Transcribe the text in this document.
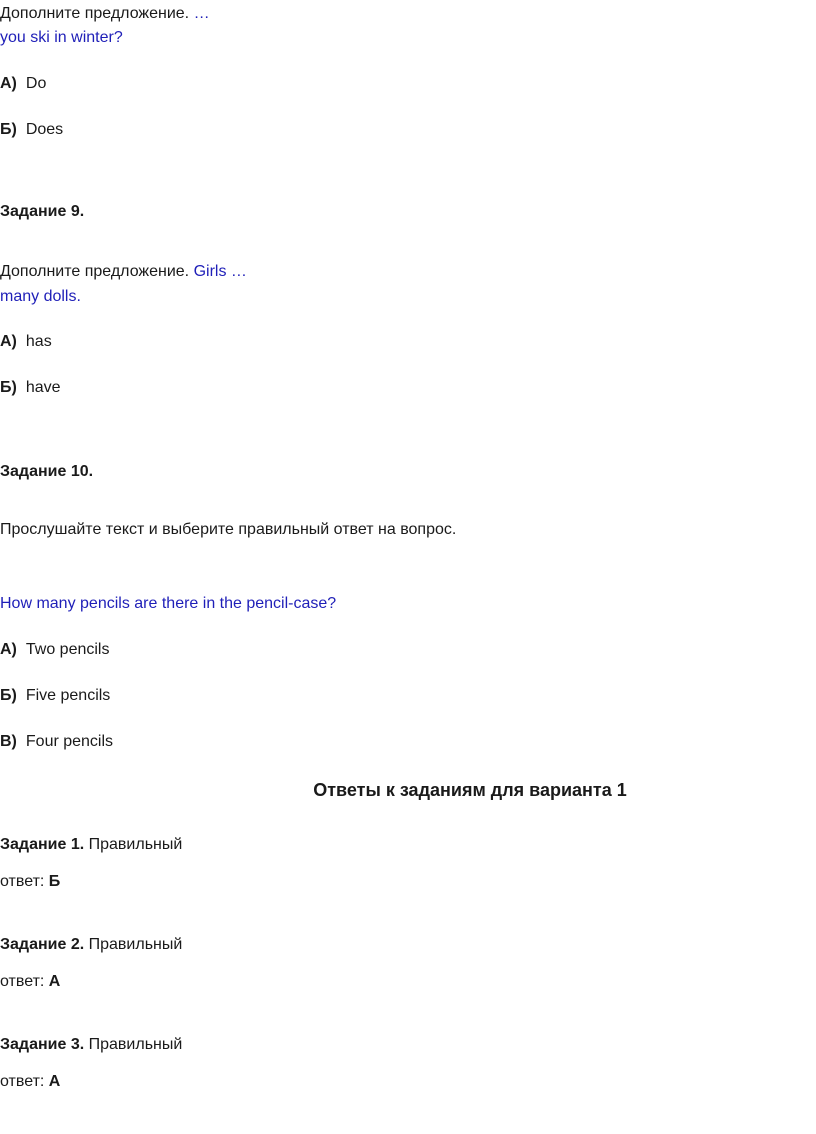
Дополните предложение. …
you ski in winter?
А) Do
Б) Does
Задание 9.
Дополните предложение. Girls …
many dolls.
А) has
Б) have
Задание 10.
Прослушайте текст и выберите правильный ответ на вопрос.
How many pencils are there in the pencil-case?
А) Two pencils
Б) Five pencils
В) Four pencils
Ответы к заданиям для варианта 1
Задание 1. Правильный
ответ: Б
Задание 2. Правильный
ответ: А
Задание 3. Правильный
ответ: А
